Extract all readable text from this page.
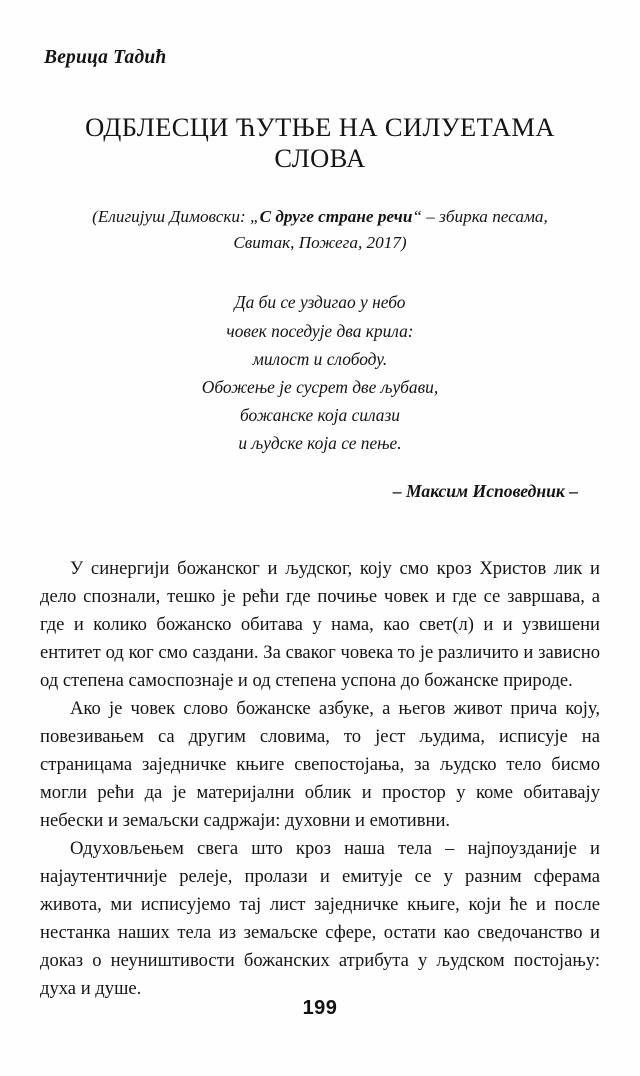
Верица Тадић
ОДБЛЕСЦИ ЋУТЊЕ НА СИЛУЕТАМА
СЛОВА
(Елигијуш Димовски: „С друге стране речи“ – збирка песама,
Свитак, Пожега, 2017)
Да би се уздигао у небо
човек поседује два крила:
милост и слободу.
Обожење је сусрет две љубави,
божанске која силази
и људске која се пење.
– Максим Исповедник –

У синергији божанског и људског, коју смо кроз Христов лик и дело спознали, тешко је рећи где почиње човек и где се завршава, а где и колико божанско обитава у нама, као свет(л) и и узвишени ентитет од ког смо саздани. За сваког човека то је различито и зависно од степена самоспознаје и од степена успона до божанске природе.

Ако је човек слово божанске азбуке, а његов живот прича коју, повезивањем са другим словима, то јест људима, исписује на страницама заједничке књиге свепостојања, за људско тело бисмо могли рећи да је материјални облик и простор у коме обитавају небески и земаљски садржаји: духовни и емотивни.

Одуховљењем свега што кроз наша тела – најпоузданије и најаутентичније релеје, пролази и емитује се у разним сферама живота, ми исписујемо тај лист заједничке књиге, који ће и после нестанка наших тела из земаљске сфере, остати као сведочанство и доказ о неуништивости божанских атрибута у људском постојању: духа и душе.

199
